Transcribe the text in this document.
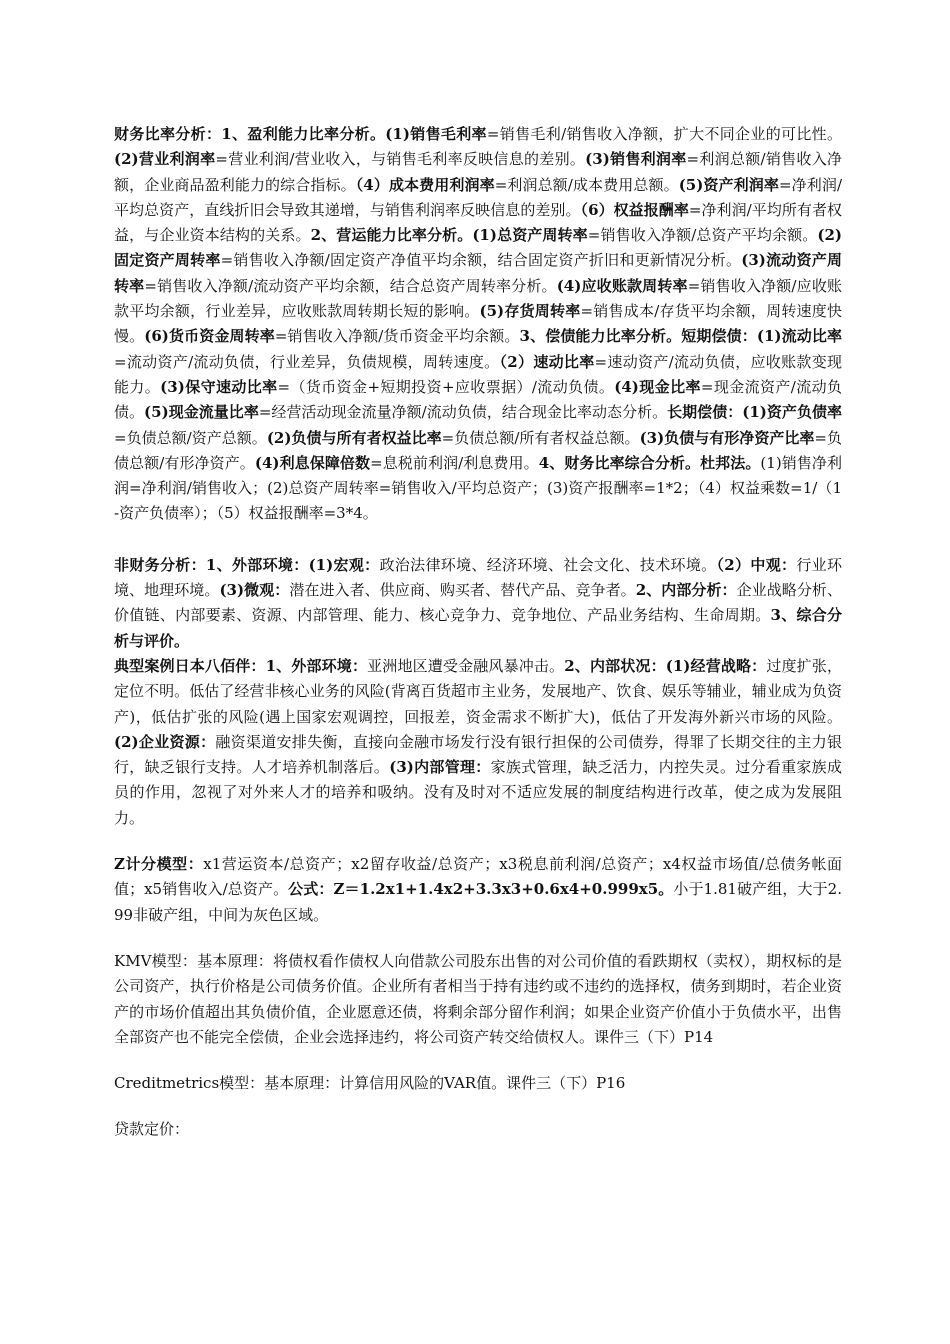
财务比率分析：1、盈利能力比率分析。(1)销售毛利率=销售毛利/销售收入净额，扩大不同企业的可比性。(2)营业利润率=营业利润/营业收入，与销售毛利率反映信息的差别。(3)销售利润率=利润总额/销售收入净额，企业商品盈利能力的综合指标。（4）成本费用利润率=利润总额/成本费用总额。(5)资产利润率=净利润/平均总资产，直线折旧会导致其递增，与销售利润率反映信息的差别。（6）权益报酬率=净利润/平均所有者权益，与企业资本结构的关系。2、营运能力比率分析。(1)总资产周转率=销售收入净额/总资产平均余额。(2)固定资产周转率=销售收入净额/固定资产净值平均余额，结合固定资产折旧和更新情况分析。(3)流动资产周转率=销售收入净额/流动资产平均余额，结合总资产周转率分析。(4)应收账款周转率=销售收入净额/应收账款平均余额，行业差异，应收账款周转期长短的影响。(5)存货周转率=销售成本/存货平均余额，周转速度快慢。(6)货币资金周转率=销售收入净额/货币资金平均余额。3、偿债能力比率分析。短期偿债：(1)流动比率=流动资产/流动负债，行业差异，负债规模，周转速度。（2）速动比率=速动资产/流动负债，应收账款变现能力。(3)保守速动比率=（货币资金+短期投资+应收票据）/流动负债。(4)现金比率=现金流资产/流动负债。(5)现金流量比率=经营活动现金流量净额/流动负债，结合现金比率动态分析。长期偿债：(1)资产负债率=负债总额/资产总额。(2)负债与所有者权益比率=负债总额/所有者权益总额。(3)负债与有形净资产比率=负债总额/有形净资产。(4)利息保障倍数=息税前利润/利息费用。4、财务比率综合分析。杜邦法。(1)销售净利润=净利润/销售收入；(2)总资产周转率=销售收入/平均总资产；(3)资产报酬率=1*2；（4）权益乘数=1/（1-资产负债率）；（5）权益报酬率=3*4。

非财务分析：1、外部环境：(1)宏观：政治法律环境、经济环境、社会文化、技术环境。（2）中观：行业环境、地理环境。(3)微观：潜在进入者、供应商、购买者、替代产品、竞争者。2、内部分析：企业战略分析、价值链、内部要素、资源、内部管理、能力、核心竞争力、竞争地位、产品业务结构、生命周期。3、综合分析与评价。

典型案例日本八佰伴：1、外部环境：亚洲地区遭受金融风暴冲击。2、内部状况：(1)经营战略：过度扩张，定位不明。低估了经营非核心业务的风险(背离百货超市主业务，发展地产、饮食、娱乐等辅业，辅业成为负资产)，低估扩张的风险(遇上国家宏观调控，回报差，资金需求不断扩大)，低估了开发海外新兴市场的风险。(2)企业资源：融资渠道安排失衡，直接向金融市场发行没有银行担保的公司债券，得罪了长期交往的主力银行，缺乏银行支持。人才培养机制落后。(3)内部管理：家族式管理，缺乏活力，内控失灵。过分看重家族成员的作用，忽视了对外来人才的培养和吸纳。没有及时对不适应发展的制度结构进行改革，使之成为发展阻力。

Z计分模型：x1营运资本/总资产；x2留存收益/总资产；x3税息前利润/总资产；x4权益市场值/总债务帐面值；x5销售收入/总资产。公式：Z＝1.2x1+1.4x2+3.3x3+0.6x4+0.999x5。小于1.81破产组，大于2.99非破产组，中间为灰色区域。

KMV模型：基本原理：将债权看作债权人向借款公司股东出售的对公司价值的看跌期权（卖权），期权标的是公司资产，执行价格是公司债务价值。企业所有者相当于持有违约或不违约的选择权，债务到期时，若企业资产的市场价值超出其负债价值，企业愿意还债，将剩余部分留作利润；如果企业资产价值小于负债水平，出售全部资产也不能完全偿债，企业会选择违约，将公司资产转交给债权人。课件三（下）P14

Creditmetrics模型：基本原理：计算信用风险的VAR值。课件三（下）P16

贷款定价：
